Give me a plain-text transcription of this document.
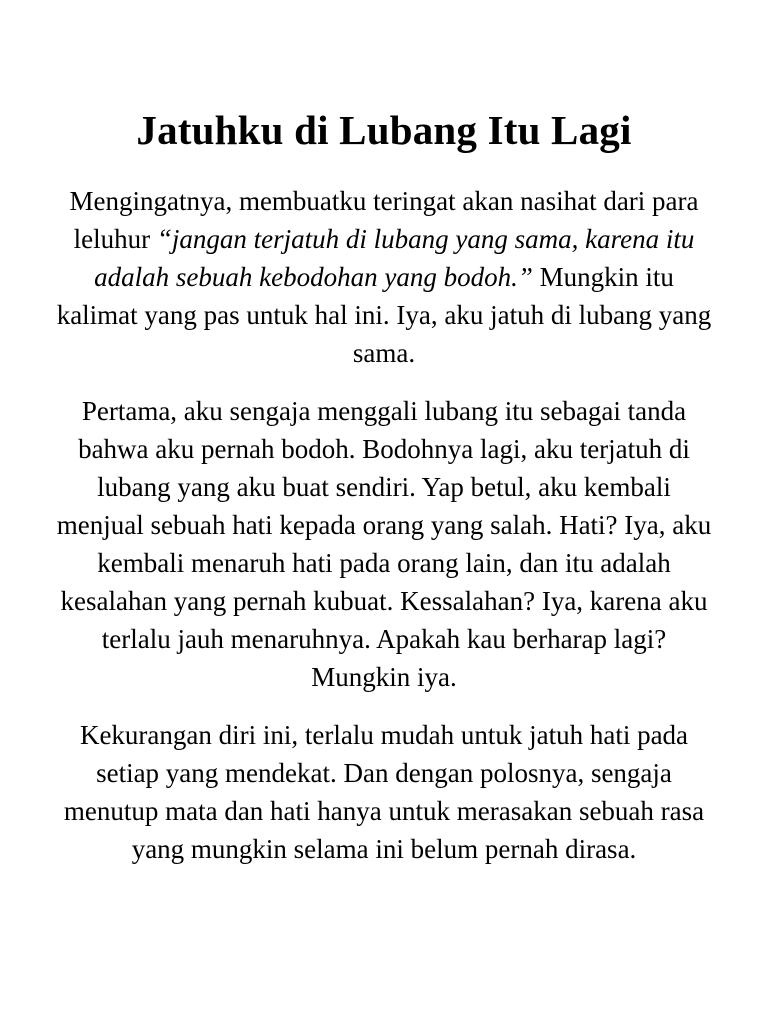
Jatuhku di Lubang Itu Lagi

Mengingatnya, membuatku teringat akan nasihat dari para leluhur “jangan terjatuh di lubang yang sama, karena itu adalah sebuah kebodohan yang bodoh.” Mungkin itu kalimat yang pas untuk hal ini. Iya, aku jatuh di lubang yang sama.

Pertama, aku sengaja menggali lubang itu sebagai tanda bahwa aku pernah bodoh. Bodohnya lagi, aku terjatuh di lubang yang aku buat sendiri. Yap betul, aku kembali menjual sebuah hati kepada orang yang salah. Hati? Iya, aku kembali menaruh hati pada orang lain, dan itu adalah kesalahan yang pernah kubuat. Kessalahan? Iya, karena aku terlalu jauh menaruhnya. Apakah kau berharap lagi? Mungkin iya.

Kekurangan diri ini, terlalu mudah untuk jatuh hati pada setiap yang mendekat. Dan dengan polosnya, sengaja menutup mata dan hati hanya untuk merasakan sebuah rasa yang mungkin selama ini belum pernah dirasa.
